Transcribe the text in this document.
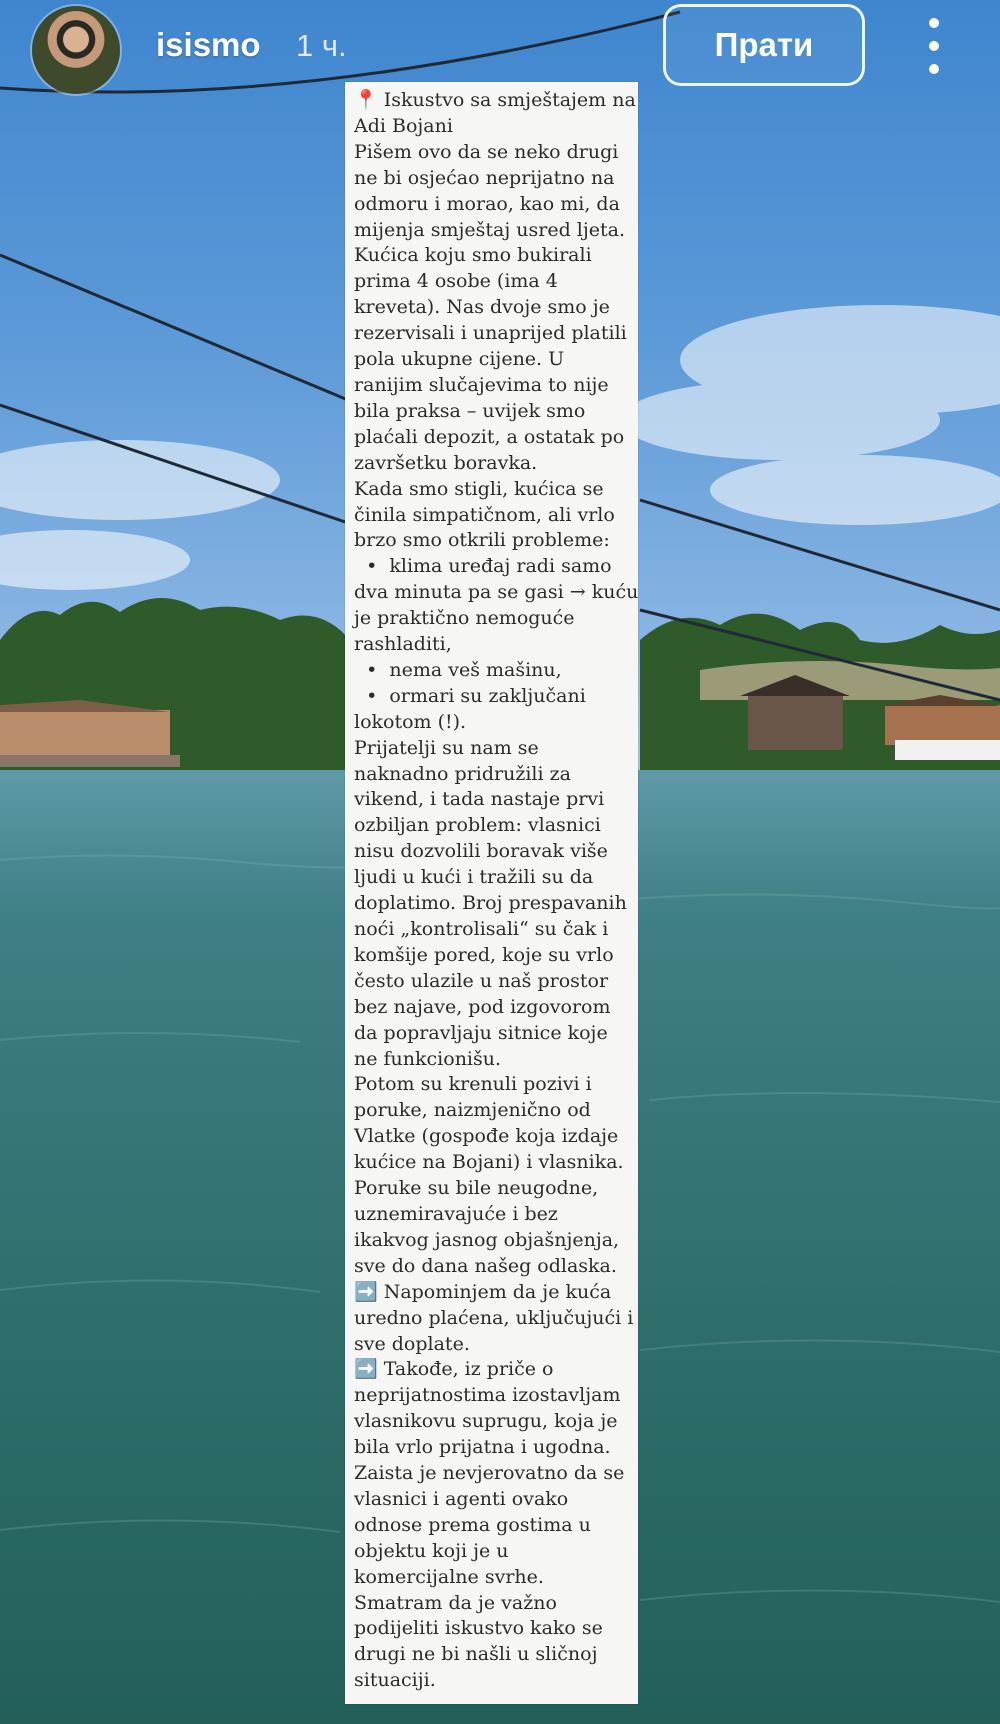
isismo 1 ч.	Прати

📍 Iskustvo sa smještajem na

Adi Bojani

Pišem ovo da se neko drugi

ne bi osjećao neprijatno na

odmoru i morao, kao mi, da

mijenja smještaj usred ljeta.

Kućica koju smo bukirali

prima 4 osobe (ima 4

kreveta). Nas dvoje smo je

rezervisali i unaprijed platili

pola ukupne cijene. U

ranijim slučajevima to nije

bila praksa – uvijek smo

plaćali depozit, a ostatak po

završetku boravka.

Kada smo stigli, kućica se

činila simpatičnom, ali vrlo

brzo smo otkrili probleme:

•  klima uređaj radi samo

dva minuta pa se gasi → kuću

je praktično nemoguće

rashladiti,

•  nema veš mašinu,

•  ormari su zaključani

lokotom (!).

Prijatelji su nam se

naknadno pridružili za

vikend, i tada nastaje prvi

ozbiljan problem: vlasnici

nisu dozvolili boravak više

ljudi u kući i tražili su da

doplatimo. Broj prespavanih

noći „kontrolisali“ su čak i

komšije pored, koje su vrlo

često ulazile u naš prostor

bez najave, pod izgovorom

da popravljaju sitnice koje

ne funkcionišu.

Potom su krenuli pozivi i

poruke, naizmjenično od

Vlatke (gospođe koja izdaje

kućice na Bojani) i vlasnika.

Poruke su bile neugodne,

uznemiravajuće i bez

ikakvog jasnog objašnjenja,

sve do dana našeg odlaska.

➡️ Napominjem da je kuća

uredno plaćena, uključujući i

sve doplate.

➡️ Takođe, iz priče o

neprijatnostima izostavljam

vlasnikovu suprugu, koja je

bila vrlo prijatna i ugodna.

Zaista je nevjerovatno da se

vlasnici i agenti ovako

odnose prema gostima u

objektu koji je u

komercijalne svrhe.

Smatram da je važno

podijeliti iskustvo kako se

drugi ne bi našli u sličnoj

situaciji.
